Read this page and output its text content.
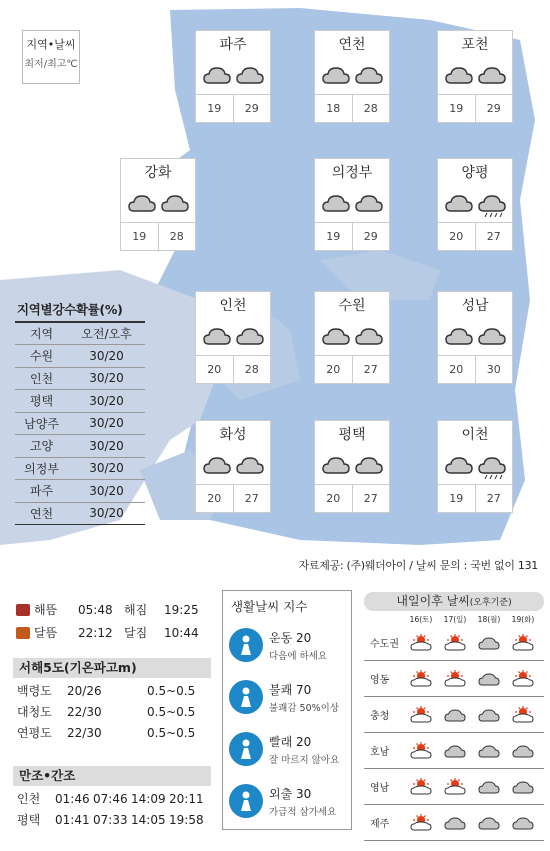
지역•날씨
최저/최고℃
파주
19	29
연천
18	28
포천
19	29
강화
19	28
의정부
19	29
양평
20	27
인천
20	28
수원
20	27
성남
20	30
화성
20	27
평택
20	27
이천
19	27
지역별강수확률(%)
지역	오전/오후
수원	30/20
인천	30/20
평택	30/20
남양주	30/20
고양	30/20
의정부	30/20
파주	30/20
연천	30/20
자료제공: (주)웨더아이 / 날씨 문의 : 국번 없이 131
해뜸	05:48 해짐	19:25
달뜸	22:12 달짐	10:44
서해5도(기온파고m)
백령도	20/26	0.5~0.5
대청도	22/30	0.5~0.5
연평도	22/30	0.5~0.5
만조•간조
인천	01:46 07:46 14:09 20:11
평택	01:41 07:33 14:05 19:58
생활날씨 지수
운동 20
다음에 하세요
불쾌 70
불쾌감 50%이상
빨래 20
잘 마르지 않아요
외출 30
가급적 삼가세요
내일이후 날씨(오후기준)
16(토)	17(일)	18(월)	19(화)
수도권
영동
충청
호남
영남
제주
